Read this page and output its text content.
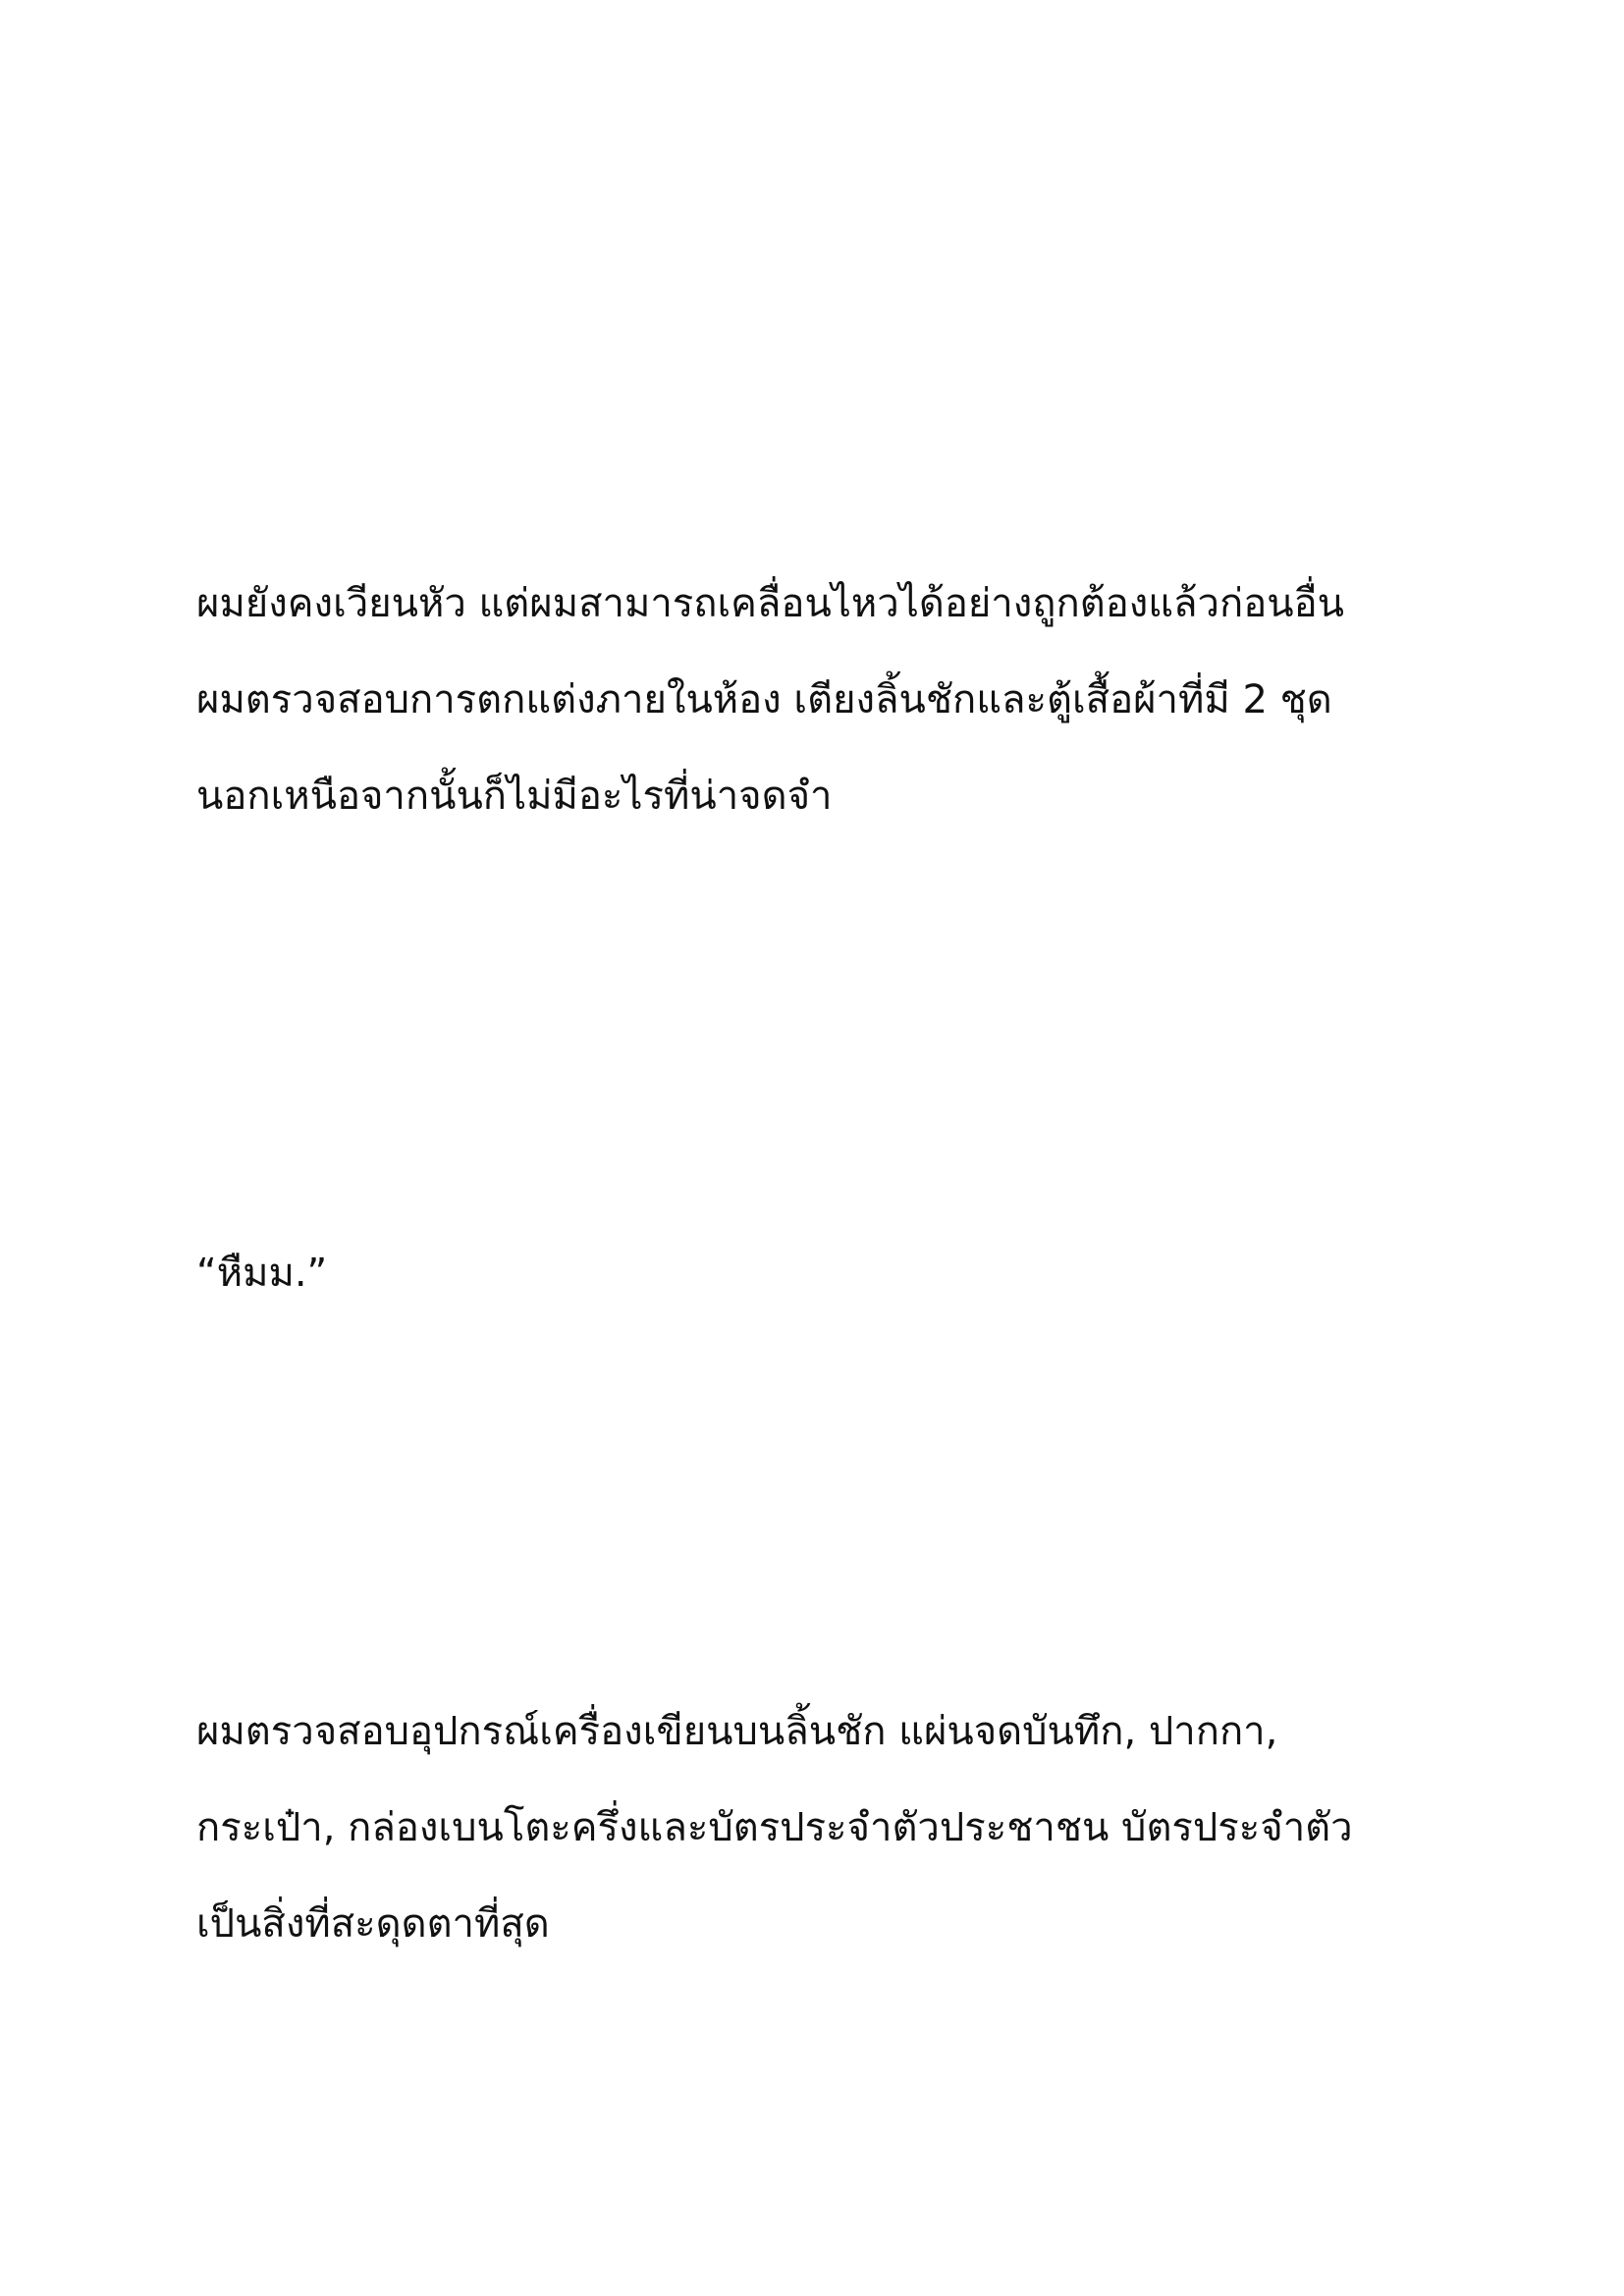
ผมยังคงเวียนหัว แต่ผมสามารถเคลื่อนไหวได้อย่างถูกต้องแล้วก่อนอื่น
ผมตรวจสอบการตกแต่งภายในห้อง เตียงลิ้นชักและตู้เสื้อผ้าที่มี 2 ชุด
นอกเหนือจากนั้นก็ไม่มีอะไรที่น่าจดจำ
“หืมม.”
ผมตรวจสอบอุปกรณ์เครื่องเขียนบนลิ้นชัก แผ่นจดบันทึก, ปากกา,
กระเป๋า, กล่องเบนโตะครึ่งและบัตรประจำตัวประชาชน บัตรประจำตัว
เป็นสิ่งที่สะดุดตาที่สุด
